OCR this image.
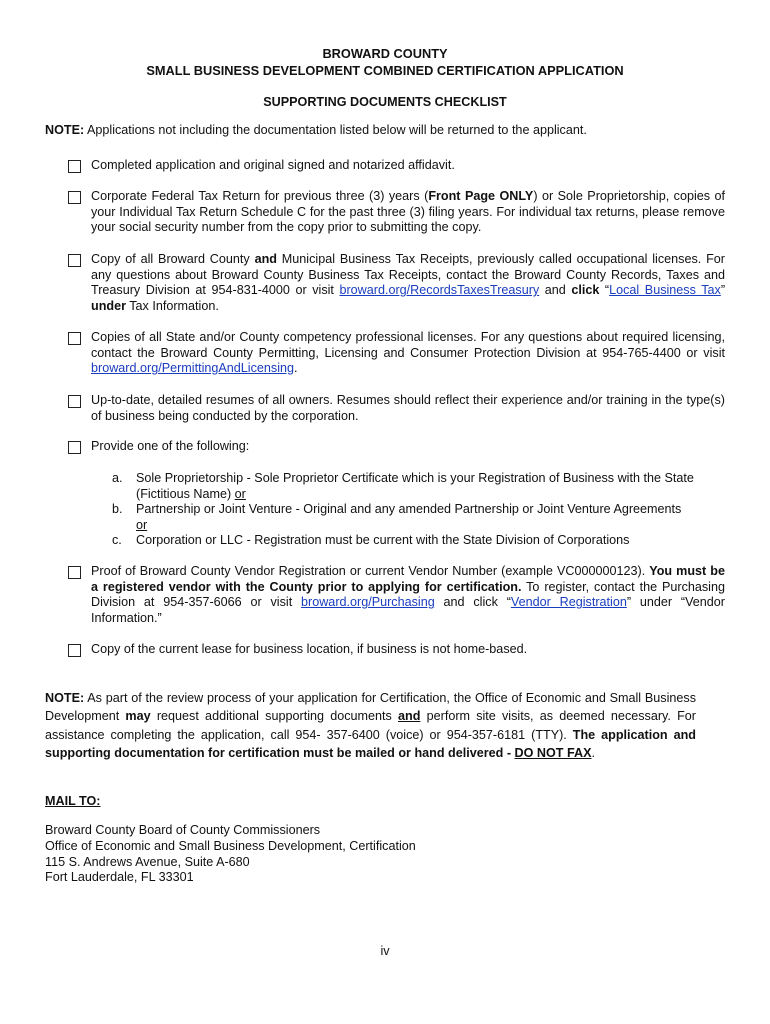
BROWARD COUNTY
SMALL BUSINESS DEVELOPMENT COMBINED CERTIFICATION APPLICATION
SUPPORTING DOCUMENTS CHECKLIST
NOTE: Applications not including the documentation listed below will be returned to the applicant.
Completed application and original signed and notarized affidavit.
Corporate Federal Tax Return for previous three (3) years (Front Page ONLY) or Sole Proprietorship, copies of your Individual Tax Return Schedule C for the past three (3) filing years. For individual tax returns, please remove your social security number from the copy prior to submitting the copy.
Copy of all Broward County and Municipal Business Tax Receipts, previously called occupational licenses. For any questions about Broward County Business Tax Receipts, contact the Broward County Records, Taxes and Treasury Division at 954-831-4000 or visit broward.org/RecordsTaxesTreasury and click “Local Business Tax” under Tax Information.
Copies of all State and/or County competency professional licenses. For any questions about required licensing, contact the Broward County Permitting, Licensing and Consumer Protection Division at 954-765-4400 or visit broward.org/PermittingAndLicensing.
Up-to-date, detailed resumes of all owners. Resumes should reflect their experience and/or training in the type(s) of business being conducted by the corporation.
Provide one of the following:
a.	Sole Proprietorship - Sole Proprietor Certificate which is your Registration of Business with the State (Fictitious Name) or
b.	Partnership or Joint Venture - Original and any amended Partnership or Joint Venture Agreements
or
c.	Corporation or LLC - Registration must be current with the State Division of Corporations
Proof of Broward County Vendor Registration or current Vendor Number (example VC000000123). You must be a registered vendor with the County prior to applying for certification. To register, contact the Purchasing Division at 954-357-6066 or visit broward.org/Purchasing and click “Vendor Registration” under “Vendor Information.”
Copy of the current lease for business location, if business is not home-based.
NOTE: As part of the review process of your application for Certification, the Office of Economic and Small Business Development may request additional supporting documents and perform site visits, as deemed necessary. For assistance completing the application, call 954- 357-6400 (voice) or 954-357-6181 (TTY). The application and supporting documentation for certification must be mailed or hand delivered - DO NOT FAX.
MAIL TO:
Broward County Board of County Commissioners
Office of Economic and Small Business Development, Certification
115 S. Andrews Avenue, Suite A-680
Fort Lauderdale, FL 33301
iv
